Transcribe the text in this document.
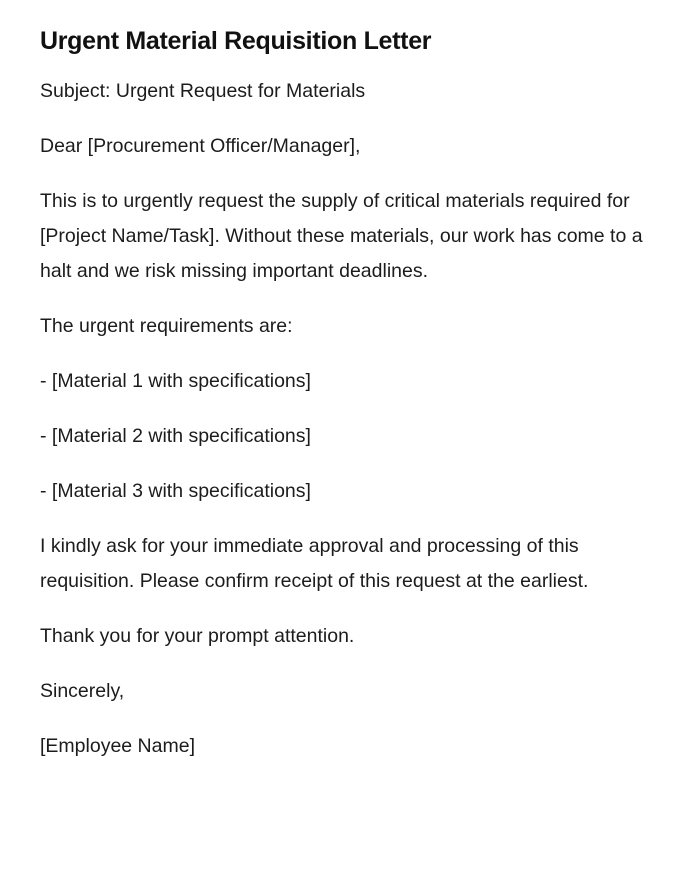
Urgent Material Requisition Letter

Subject: Urgent Request for Materials

Dear [Procurement Officer/Manager],

This is to urgently request the supply of critical materials required for [Project Name/Task]. Without these materials, our work has come to a halt and we risk missing important deadlines.

The urgent requirements are:

- [Material 1 with specifications]

- [Material 2 with specifications]

- [Material 3 with specifications]

I kindly ask for your immediate approval and processing of this requisition. Please confirm receipt of this request at the earliest.

Thank you for your prompt attention.

Sincerely,

[Employee Name]
